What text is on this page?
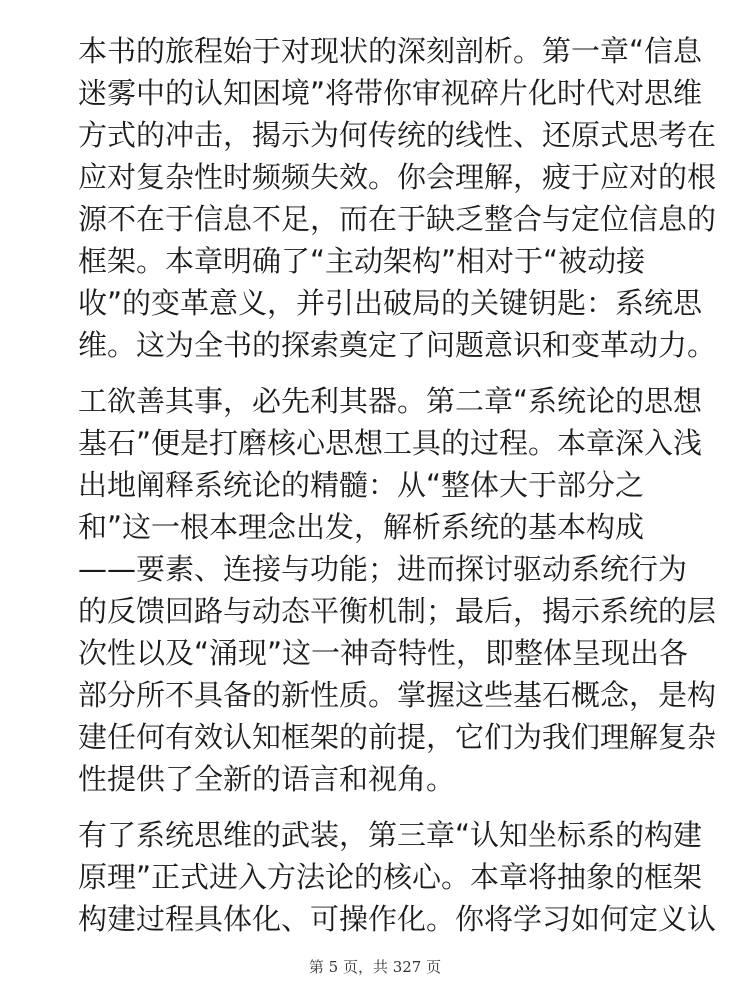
本书的旅程始于对现状的深刻剖析。第一章“信息
迷雾中的认知困境”将带你审视碎片化时代对思维
方式的冲击，揭示为何传统的线性、还原式思考在
应对复杂性时频频失效。你会理解，疲于应对的根
源不在于信息不足，而在于缺乏整合与定位信息的
框架。本章明确了“主动架构”相对于“被动接
收”的变革意义，并引出破局的关键钥匙：系统思
维。这为全书的探索奠定了问题意识和变革动力。
工欲善其事，必先利其器。第二章“系统论的思想
基石”便是打磨核心思想工具的过程。本章深入浅
出地阐释系统论的精髓：从“整体大于部分之
和”这一根本理念出发，解析系统的基本构成
——要素、连接与功能；进而探讨驱动系统行为
的反馈回路与动态平衡机制；最后，揭示系统的层
次性以及“涌现”这一神奇特性，即整体呈现出各
部分所不具备的新性质。掌握这些基石概念，是构
建任何有效认知框架的前提，它们为我们理解复杂
性提供了全新的语言和视角。
有了系统思维的武装，第三章“认知坐标系的构建
原理”正式进入方法论的核心。本章将抽象的框架
构建过程具体化、可操作化。你将学习如何定义认
第 5 页，共 327 页
